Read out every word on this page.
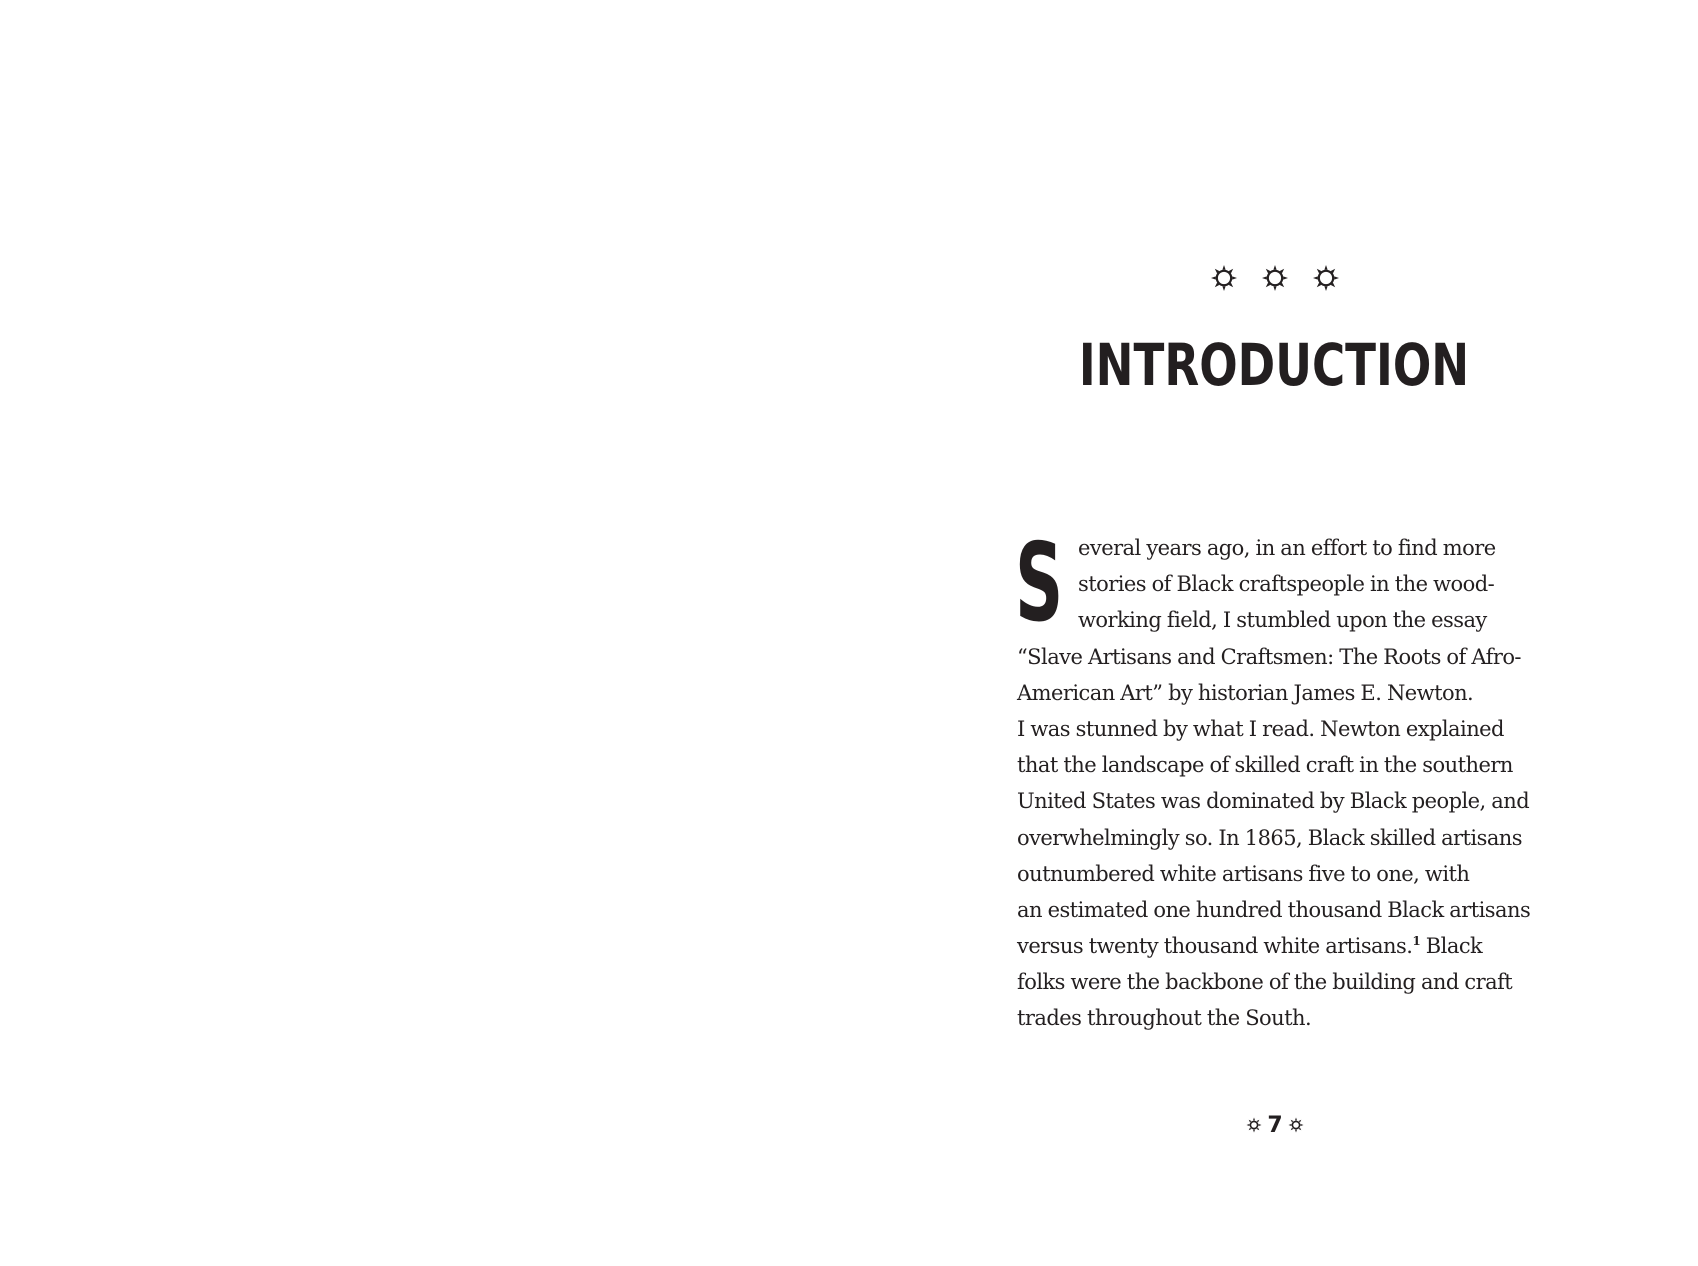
INTRODUCTION
S everal years ago, in an effort to find more
stories of Black craftspeople in the wood-
working field, I stumbled upon the essay
“Slave Artisans and Craftsmen: The Roots of Afro-
American Art” by historian James E. Newton.
I was stunned by what I read. Newton explained
that the landscape of skilled craft in the southern
United States was dominated by Black people, and
overwhelmingly so. In 1865, Black skilled artisans
outnumbered white artisans five to one, with
an estimated one hundred thousand Black artisans
versus twenty thousand white artisans.$^1$ Black
folks were the backbone of the building and craft
trades throughout the South.
7
